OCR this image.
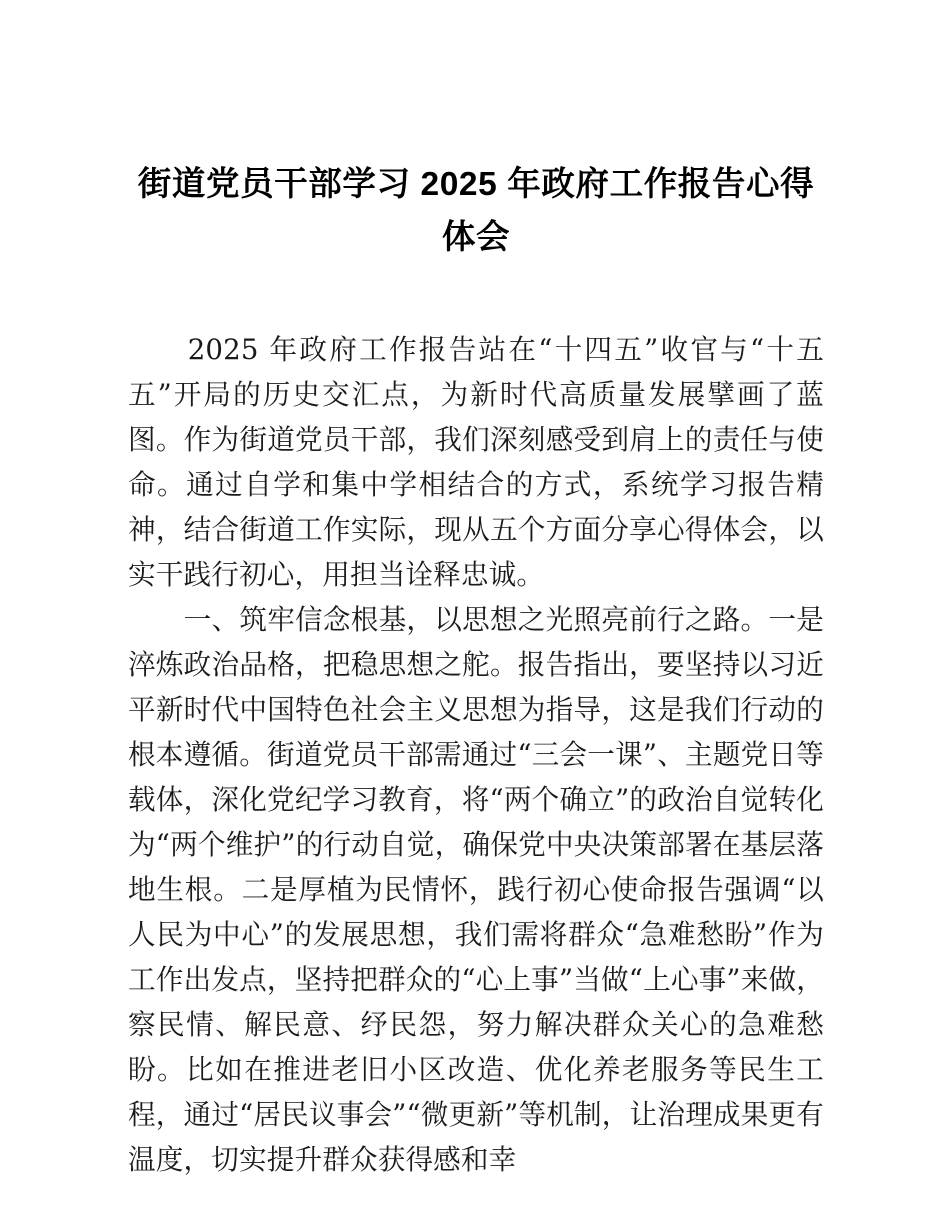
街道党员干部学习 2025 年政府工作报告心得体会

　　2025 年政府工作报告站在“十四五”收官与“十五五”开局的历史交汇点，为新时代高质量发展擘画了蓝图。作为街道党员干部，我们深刻感受到肩上的责任与使命。通过自学和集中学相结合的方式，系统学习报告精神，结合街道工作实际，现从五个方面分享心得体会，以实干践行初心，用担当诠释忠诚。

　　一、筑牢信念根基，以思想之光照亮前行之路。一是淬炼政治品格，把稳思想之舵。报告指出，要坚持以习近平新时代中国特色社会主义思想为指导，这是我们行动的根本遵循。街道党员干部需通过“三会一课”、主题党日等载体，深化党纪学习教育，将“两个确立”的政治自觉转化为“两个维护”的行动自觉，确保党中央决策部署在基层落地生根。二是厚植为民情怀，践行初心使命报告强调“以人民为中心”的发展思想，我们需将群众“急难愁盼”作为工作出发点，坚持把群众的“心上事”当做“上心事”来做，察民情、解民意、纾民怨，努力解决群众关心的急难愁盼。比如在推进老旧小区改造、优化养老服务等民生工程，通过“居民议事会”“微更新”等机制，让治理成果更有温度，切实提升群众获得感和幸
